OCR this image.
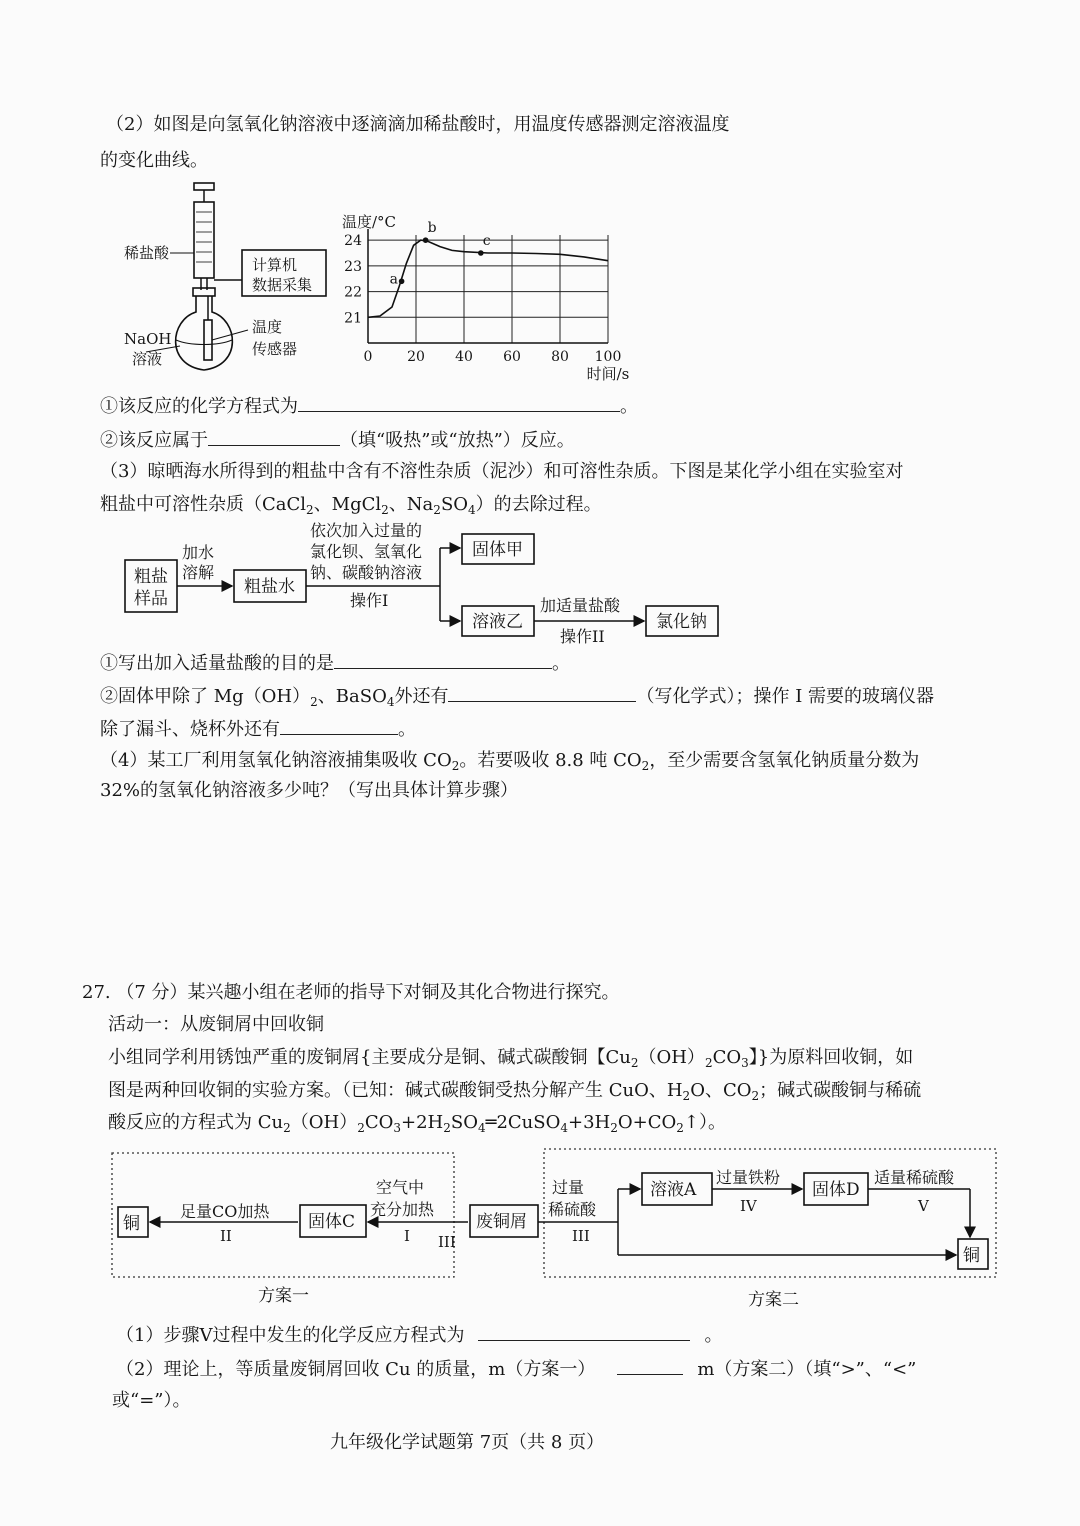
（2）如图是向氢氧化钠溶液中逐滴滴加稀盐酸时，用温度传感器测定溶液温度
的变化曲线。
稀盐酸
计算机
数据采集
NaOH
溶液
温度
传感器	0 20 40 60 80 100
21
22
23
24
温度/°C
时间/s
a
b
c
①该反应的化学方程式为	。
②该反应属于	（填“吸热”或“放热”）反应。
（3）晾晒海水所得到的粗盐中含有不溶性杂质（泥沙）和可溶性杂质。下图是某化学小组在实验室对
粗盐中可溶性杂质（CaCl$_2$、MgCl$_2$、$Na_2SO_4$）的去除过程。
粗盐
样品
加水
溶解
粗盐水
依次加入过量的
氯化钡、氢氧化
钠、碳酸钠溶液
操作I
固体甲
溶液乙
加适量盐酸
操作II
氯化钠
①写出加入适量盐酸的目的是	。
②固体甲除了 $Mg(OH)_2$、BaSO$_4$外还有	（写化学式）；操作 I 需要的玻璃仪器
除了漏斗、烧杯外还有	。
（4）某工厂利用氢氧化钠溶液捕集吸收 $CO_2$。若要吸收 8.8 吨 $CO_2$，至少需要含氢氧化钠质量分数为
32%的氢氧化钠溶液多少吨？（写出具体计算步骤）
27. （7 分）某兴趣小组在老师的指导下对铜及其化合物进行探究。
活动一：从废铜屑中回收铜
小组同学利用锈蚀严重的废铜屑{主要成分是铜、碱式碳酸铜【$Cu_2(OH)_2CO_3$】}为原料回收铜，如
图是两种回收铜的实验方案。（已知：碱式碳酸铜受热分解产生 CuO、$H_2O$、$CO_2$；碱式碳酸铜与稀硫
酸反应的方程式为 $Cu_2(OH)_2CO_3+2H_2SO_4═2CuSO_4+3H_2O+CO_2↑$）。
铜
足量CO加热
II
固体C
空气中
充分加热
I III
废铜屑
过量
稀硫酸
III
溶液A
过量铁粉
IV
固体D
适量稀硫酸
V
铜
方案一	方案二
（1）步骤V过程中发生的化学反应方程式为	。
（2）理论上，等质量废铜屑回收 Cu 的质量，m（方案一）	m（方案二）（填“>”、“<”
或“=”）。
九年级化学试题第 7页（共 8 页）
